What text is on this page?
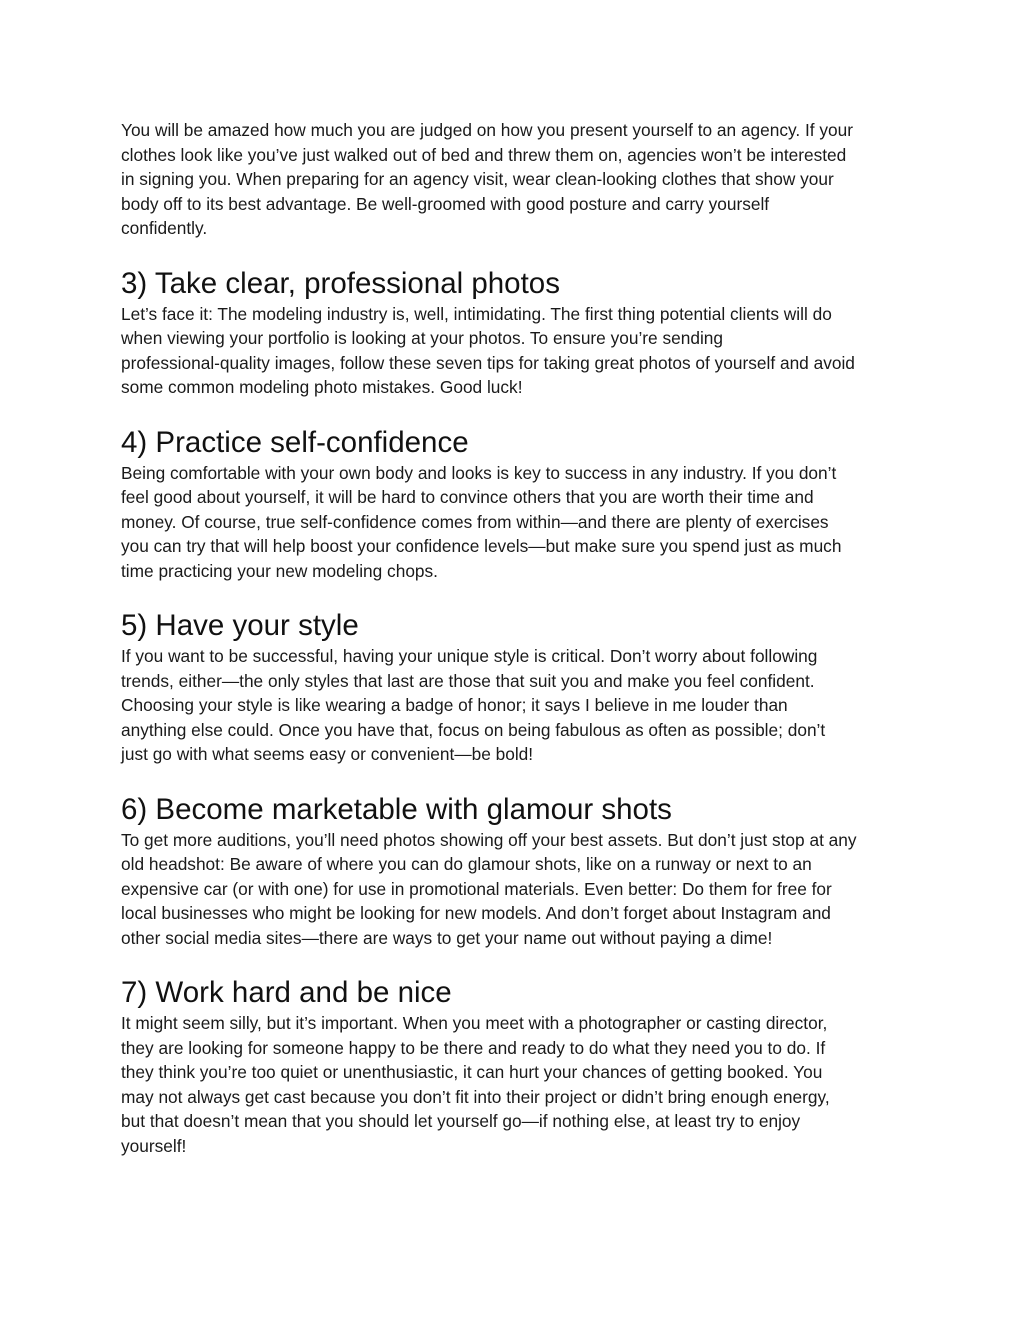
You will be amazed how much you are judged on how you present yourself to an agency. If your
clothes look like you’ve just walked out of bed and threw them on, agencies won’t be interested
in signing you. When preparing for an agency visit, wear clean-looking clothes that show your
body off to its best advantage. Be well-groomed with good posture and carry yourself
confidently.

3) Take clear, professional photos

Let’s face it: The modeling industry is, well, intimidating. The first thing potential clients will do
when viewing your portfolio is looking at your photos. To ensure you’re sending
professional-quality images, follow these seven tips for taking great photos of yourself and avoid
some common modeling photo mistakes. Good luck!

4) Practice self-confidence

Being comfortable with your own body and looks is key to success in any industry. If you don’t
feel good about yourself, it will be hard to convince others that you are worth their time and
money. Of course, true self-confidence comes from within—and there are plenty of exercises
you can try that will help boost your confidence levels—but make sure you spend just as much
time practicing your new modeling chops.

5) Have your style

If you want to be successful, having your unique style is critical. Don’t worry about following
trends, either—the only styles that last are those that suit you and make you feel confident.
Choosing your style is like wearing a badge of honor; it says I believe in me louder than
anything else could. Once you have that, focus on being fabulous as often as possible; don’t
just go with what seems easy or convenient—be bold!

6) Become marketable with glamour shots

To get more auditions, you’ll need photos showing off your best assets. But don’t just stop at any
old headshot: Be aware of where you can do glamour shots, like on a runway or next to an
expensive car (or with one) for use in promotional materials. Even better: Do them for free for
local businesses who might be looking for new models. And don’t forget about Instagram and
other social media sites—there are ways to get your name out without paying a dime!

7) Work hard and be nice

It might seem silly, but it’s important. When you meet with a photographer or casting director,
they are looking for someone happy to be there and ready to do what they need you to do. If
they think you’re too quiet or unenthusiastic, it can hurt your chances of getting booked. You
may not always get cast because you don’t fit into their project or didn’t bring enough energy,
but that doesn’t mean that you should let yourself go—if nothing else, at least try to enjoy
yourself!
